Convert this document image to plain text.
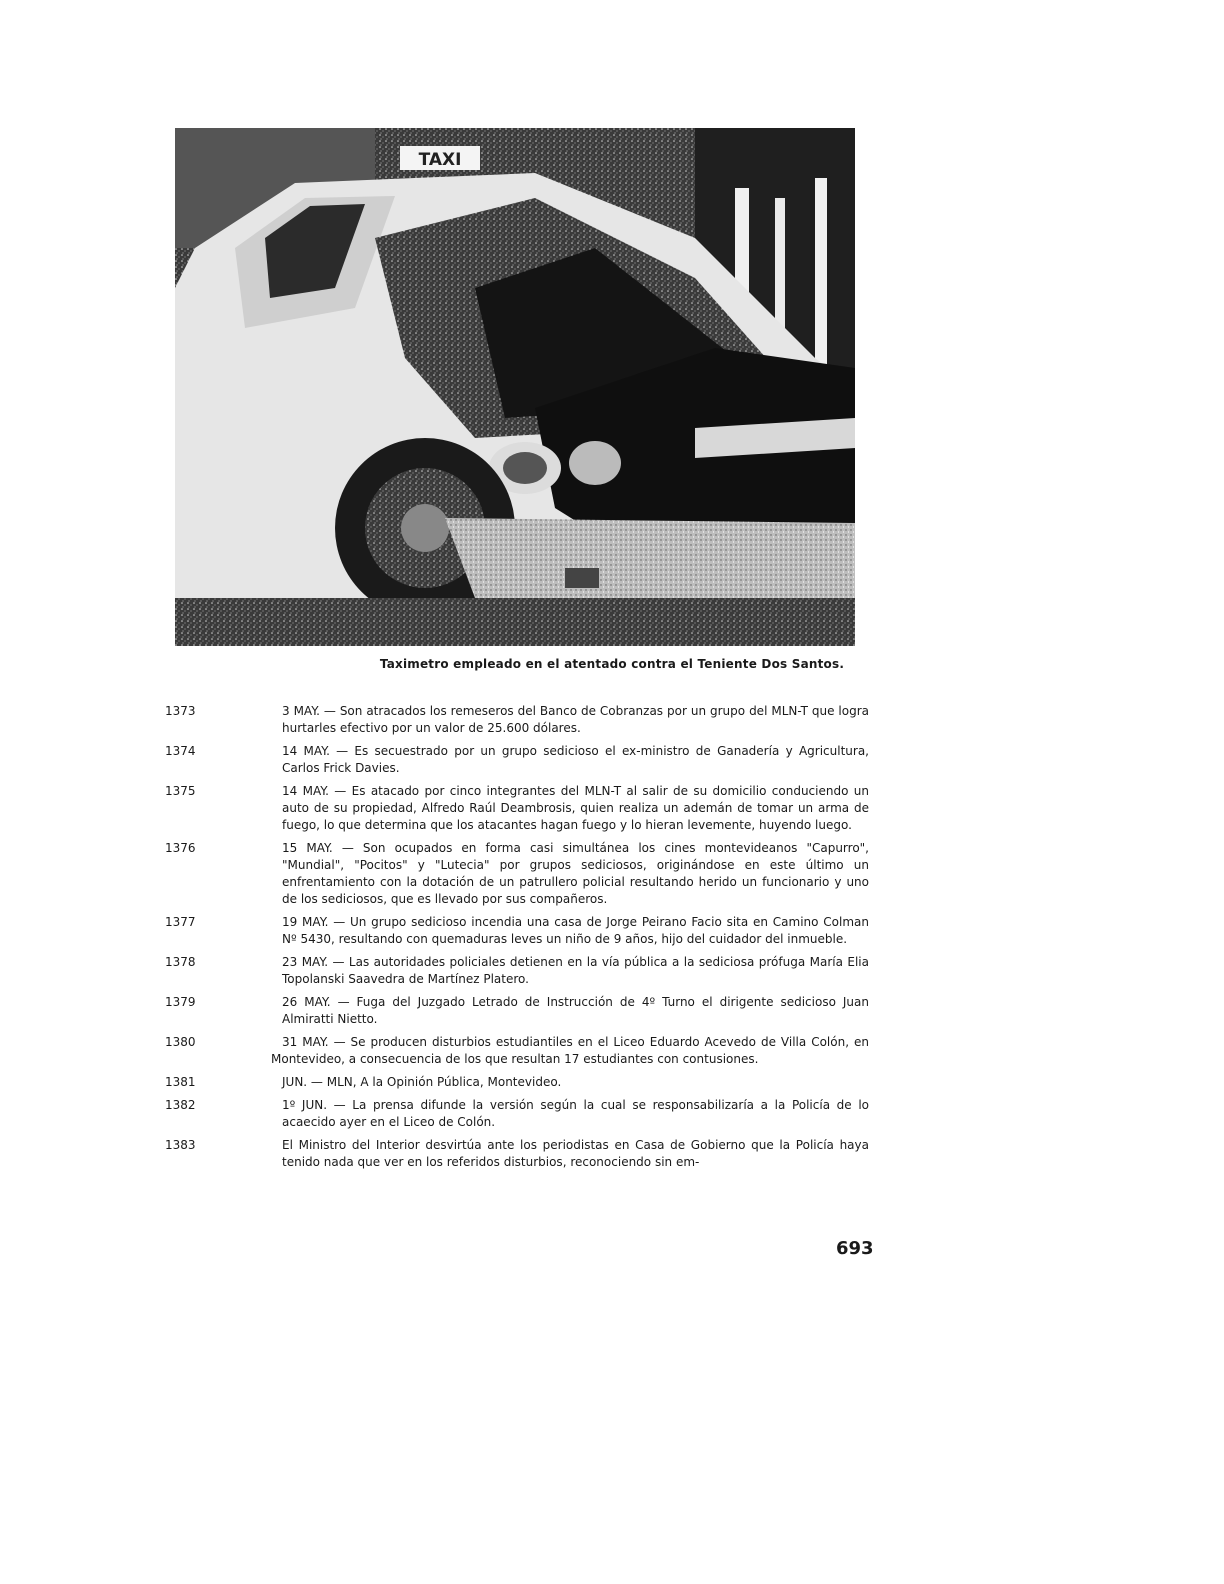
TAXI
Taximetro empleado en el atentado contra el Teniente Dos Santos.
1373	3 MAY. — Son atracados los remeseros del Banco de Cobranzas por un grupo del MLN-T que logra hurtarles efectivo por un valor de 25.600 dólares.
1374	14 MAY. — Es secuestrado por un grupo sedicioso el ex-ministro de Ganadería y Agricultura, Carlos Frick Davies.
1375	14 MAY. — Es atacado por cinco integrantes del MLN-T al salir de su domicilio conduciendo un auto de su propiedad, Alfredo Raúl Deambrosis, quien realiza un ademán de tomar un arma de fuego, lo que determina que los atacantes hagan fuego y lo hieran levemente, huyendo luego.
1376	15 MAY. — Son ocupados en forma casi simultánea los cines montevideanos "Capurro", "Mundial", "Pocitos" y "Lutecia" por grupos sediciosos, originándose en este último un enfrentamiento con la dotación de un patrullero policial resultando herido un funcionario y uno de los sediciosos, que es llevado por sus compañeros.
1377	19 MAY. — Un grupo sedicioso incendia una casa de Jorge Peirano Facio sita en Camino Colman Nº 5430, resultando con quemaduras leves un niño de 9 años, hijo del cuidador del inmueble.
1378	23 MAY. — Las autoridades policiales detienen en la vía pública a la sediciosa prófuga María Elia Topolanski Saavedra de Martínez Platero.
1379	26 MAY. — Fuga del Juzgado Letrado de Instrucción de 4º Turno el dirigente sedicioso Juan Almiratti Nietto.
1380	31 MAY. — Se producen disturbios estudiantiles en el Liceo Eduardo Acevedo de Villa Colón, en Montevideo, a consecuencia de los que resultan 17 estudiantes con contusiones.
1381	JUN. — MLN, A la Opinión Pública, Montevideo.
1382	1º JUN. — La prensa difunde la versión según la cual se responsabilizaría a la Policía de lo acaecido ayer en el Liceo de Colón.
1383	El Ministro del Interior desvirtúa ante los periodistas en Casa de Gobierno que la Policía haya tenido nada que ver en los referidos disturbios, reconociendo sin em-
693
